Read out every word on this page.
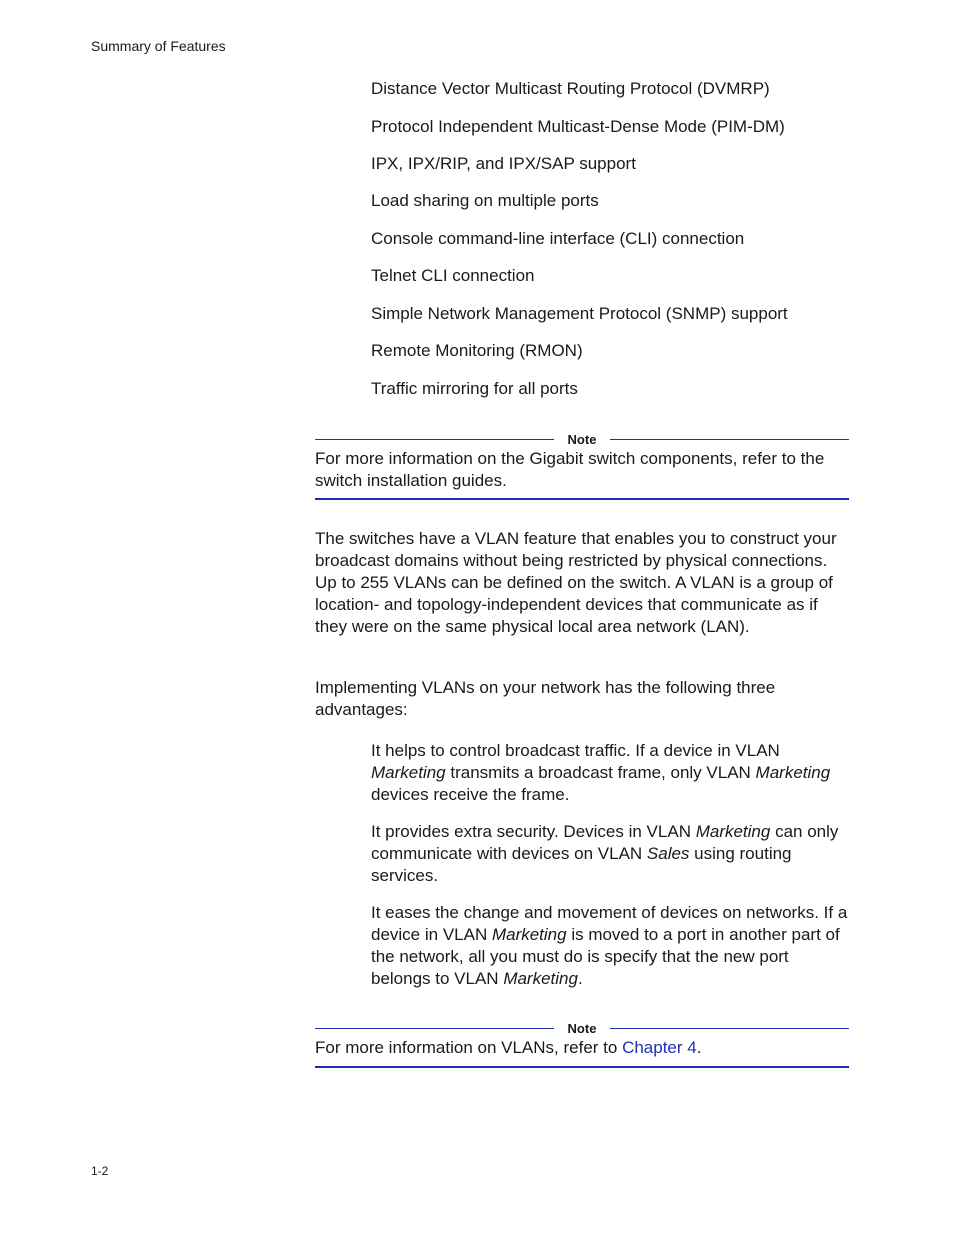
Summary of Features
Distance Vector Multicast Routing Protocol (DVMRP)
Protocol Independent Multicast-Dense Mode (PIM-DM)
IPX, IPX/RIP, and IPX/SAP support
Load sharing on multiple ports
Console command-line interface (CLI) connection
Telnet CLI connection
Simple Network Management Protocol (SNMP) support
Remote Monitoring (RMON)
Traffic mirroring for all ports
Note
For more information on the Gigabit switch components, refer to the switch installation guides.
The switches have a VLAN feature that enables you to construct your broadcast domains without being restricted by physical connections. Up to 255 VLANs can be defined on the switch. A VLAN is a group of location- and topology-independent devices that communicate as if they were on the same physical local area network (LAN).
Implementing VLANs on your network has the following three advantages:
It helps to control broadcast traffic. If a device in VLAN Marketing transmits a broadcast frame, only VLAN Marketing devices receive the frame.
It provides extra security. Devices in VLAN Marketing can only communicate with devices on VLAN Sales using routing services.
It eases the change and movement of devices on networks. If a device in VLAN Marketing is moved to a port in another part of the network, all you must do is specify that the new port belongs to VLAN Marketing.
Note
For more information on VLANs, refer to Chapter 4.
1-2
